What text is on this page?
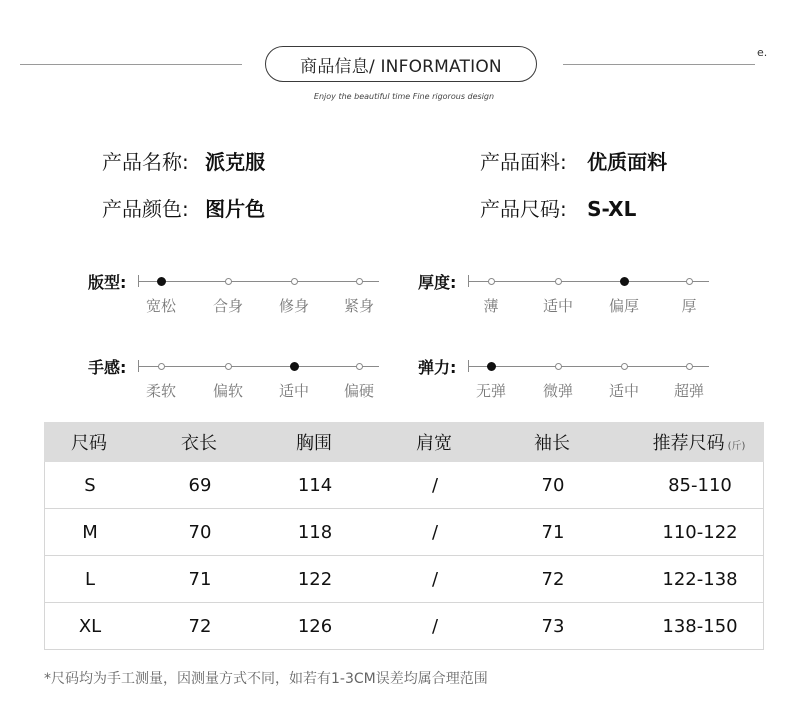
商品信息/ INFORMATION
Enjoy the beautiful time Fine rigorous design
e.
产品名称: 派克服
产品颜色: 图片色
产品面料: 优质面料
产品尺码: S-XL
版型:
宽松	合身	修身	紧身
厚度:
薄	适中	偏厚	厚
手感:
柔软	偏软	适中	偏硬
弹力:
无弹	微弹	适中	超弹
尺码	衣长	胸围	肩宽	袖长	推荐尺码 (斤)
S	69	114	/	70	85-110
M	70	118	/	71	110-122
L	71	122	/	72	122-138
XL	72	126	/	73	138-150
*尺码均为手工测量，因测量方式不同，如若有1-3CM误差均属合理范围
